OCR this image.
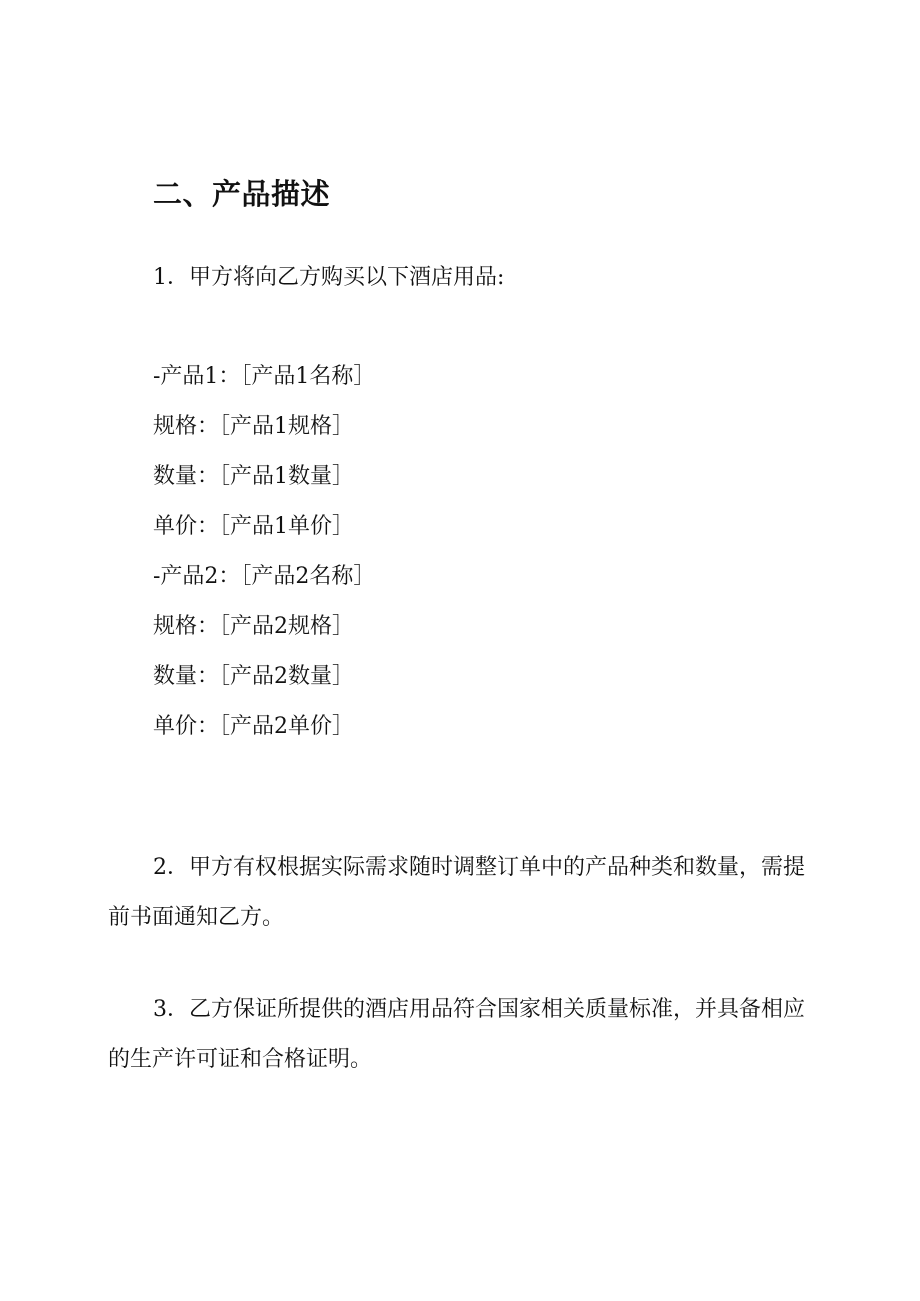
二、产品描述
1．甲方将向乙方购买以下酒店用品:
-产品1：［产品1名称］
规格：［产品1规格］
数量：［产品1数量］
单价：［产品1单价］
-产品2：［产品2名称］
规格：［产品2规格］
数量：［产品2数量］
单价：［产品2单价］
2．甲方有权根据实际需求随时调整订单中的产品种类和数量，需提前书面通知乙方。
3．乙方保证所提供的酒店用品符合国家相关质量标准，并具备相应的生产许可证和合格证明。
